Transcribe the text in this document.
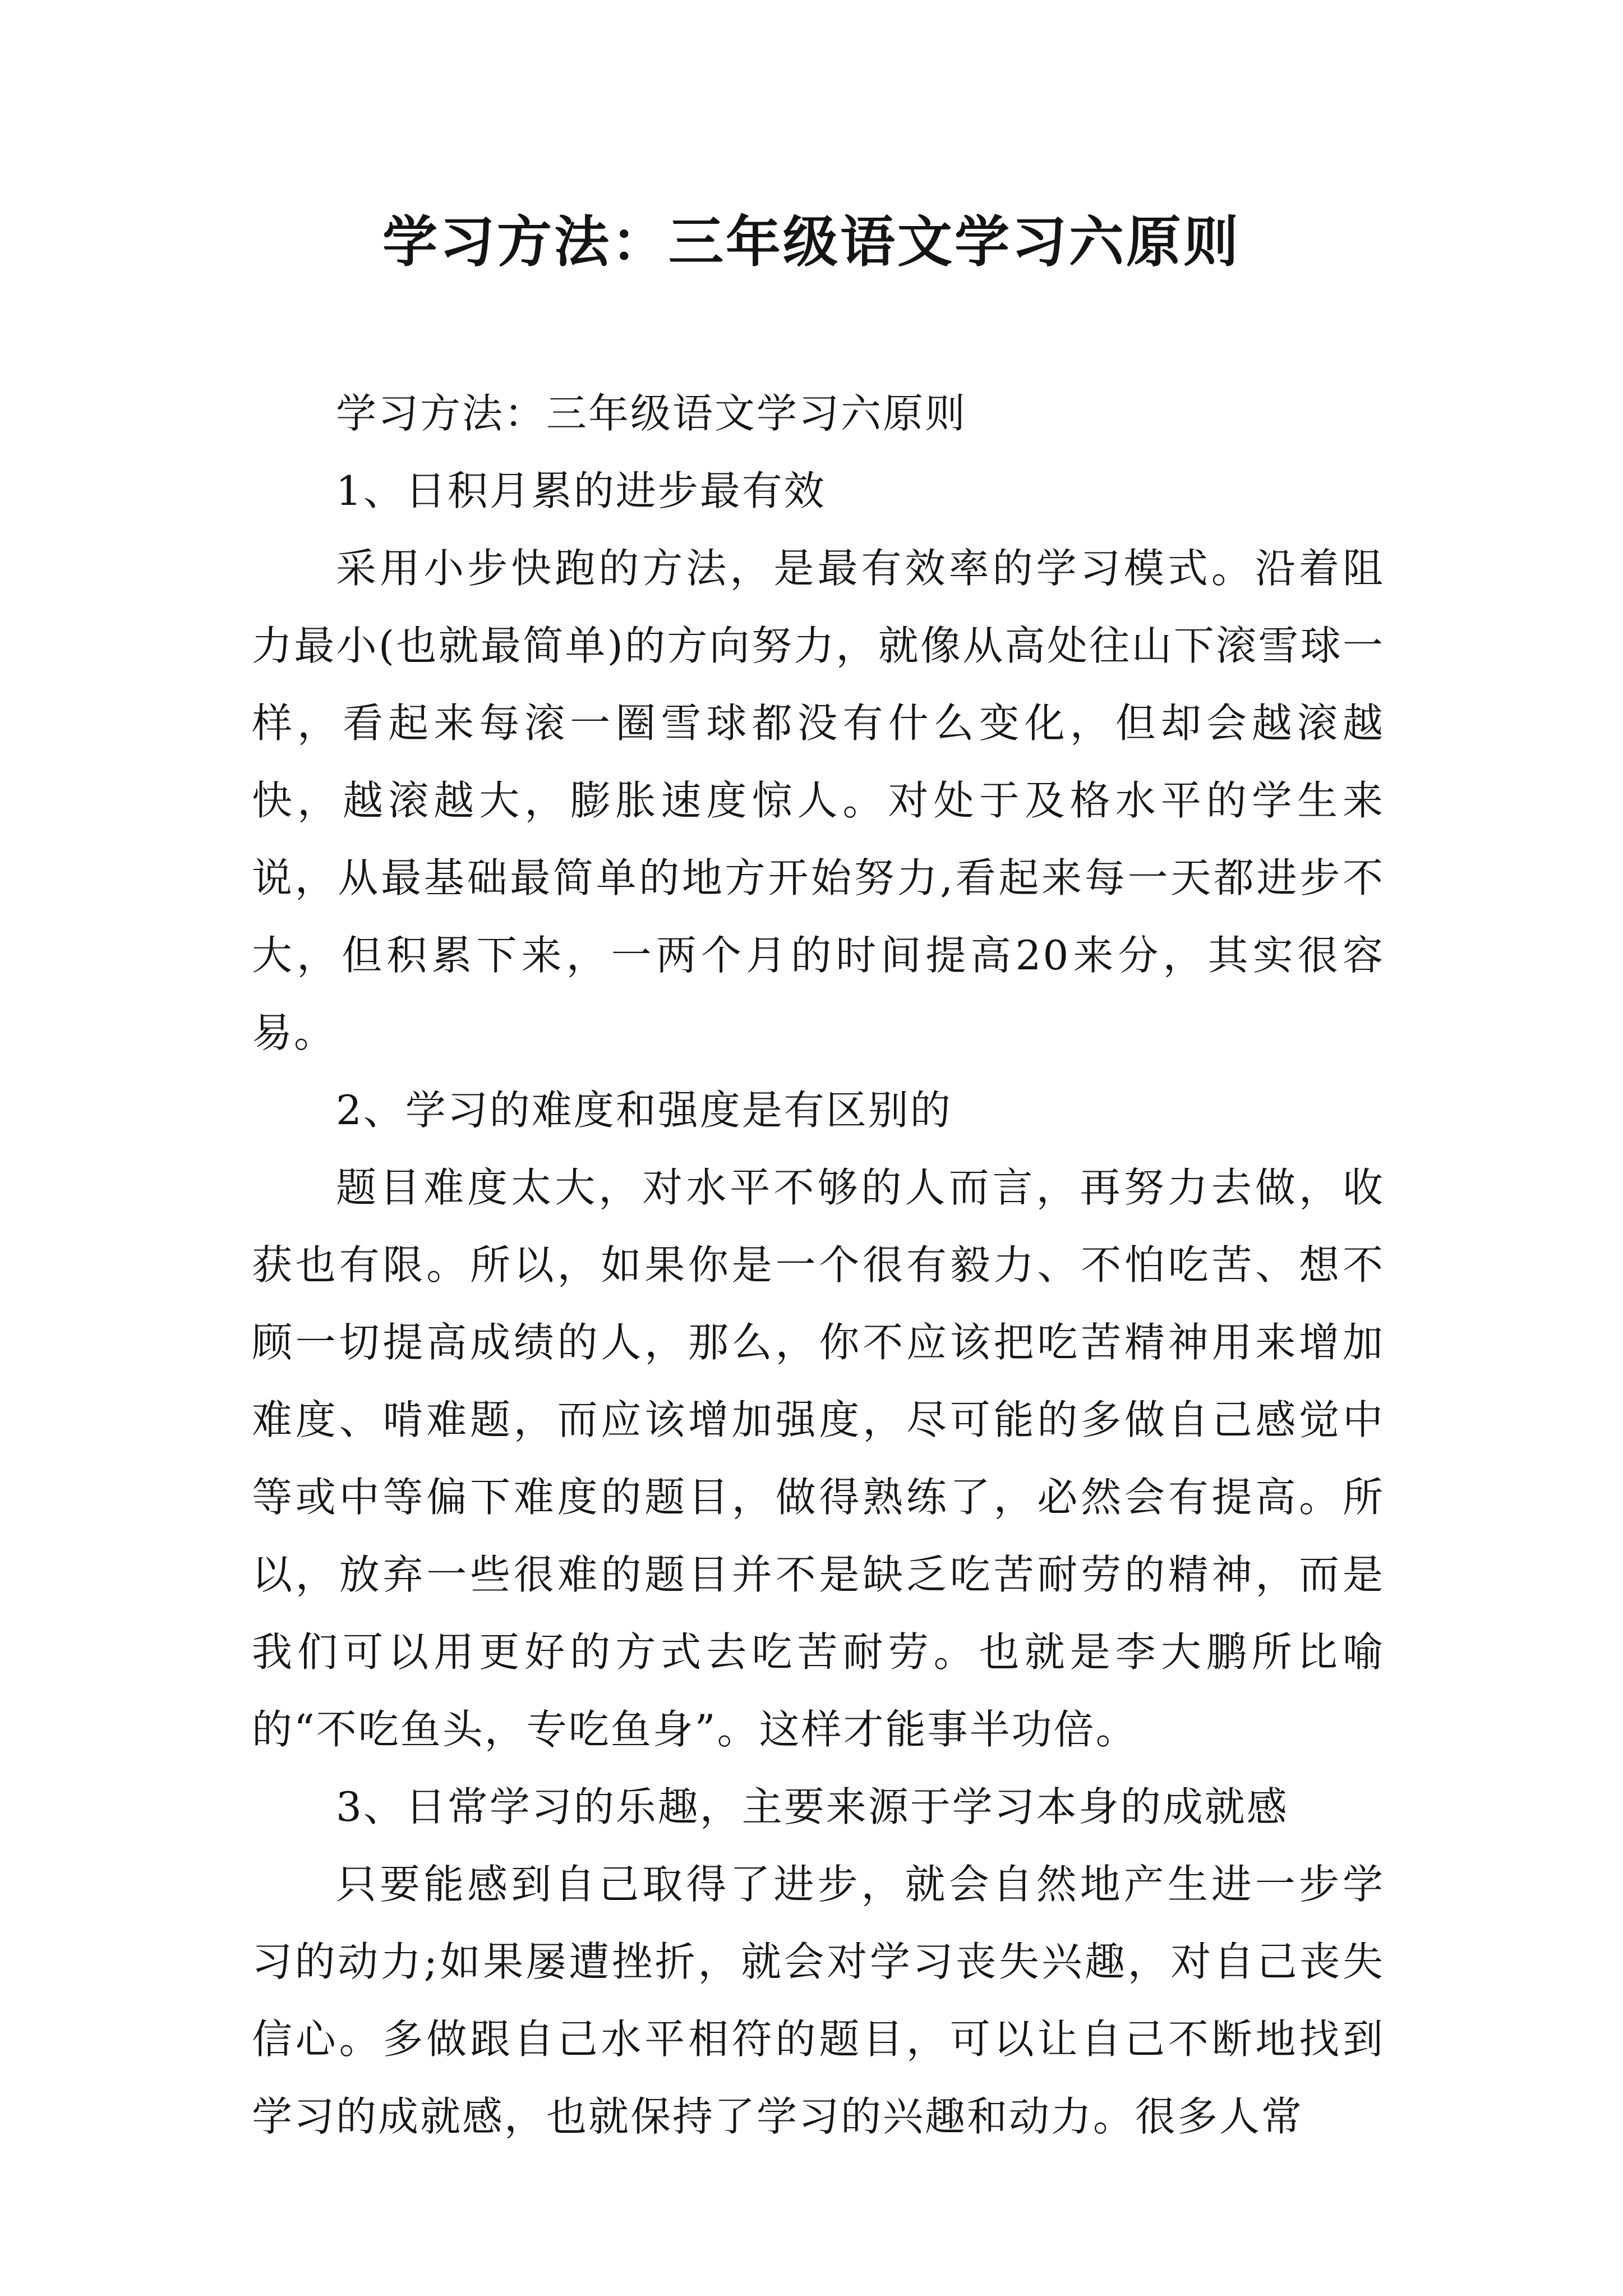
学习方法：三年级语文学习六原则

学习方法：三年级语文学习六原则

1、日积月累的进步最有效

采用小步快跑的方法，是最有效率的学习模式。沿着阻力最小(也就最简单)的方向努力，就像从高处往山下滚雪球一样，看起来每滚一圈雪球都没有什么变化，但却会越滚越快，越滚越大，膨胀速度惊人。对处于及格水平的学生来说，从最基础最简单的地方开始努力,看起来每一天都进步不大，但积累下来，一两个月的时间提高20来分，其实很容易。

2、学习的难度和强度是有区别的

题目难度太大，对水平不够的人而言，再努力去做，收获也有限。所以，如果你是一个很有毅力、不怕吃苦、想不顾一切提高成绩的人，那么，你不应该把吃苦精神用来增加难度、啃难题，而应该增加强度，尽可能的多做自己感觉中等或中等偏下难度的题目，做得熟练了，必然会有提高。所以，放弃一些很难的题目并不是缺乏吃苦耐劳的精神，而是我们可以用更好的方式去吃苦耐劳。也就是李大鹏所比喻的“不吃鱼头，专吃鱼身”。这样才能事半功倍。

3、日常学习的乐趣，主要来源于学习本身的成就感

只要能感到自己取得了进步，就会自然地产生进一步学习的动力;如果屡遭挫折，就会对学习丧失兴趣，对自己丧失信心。多做跟自己水平相符的题目，可以让自己不断地找到学习的成就感，也就保持了学习的兴趣和动力。很多人常
